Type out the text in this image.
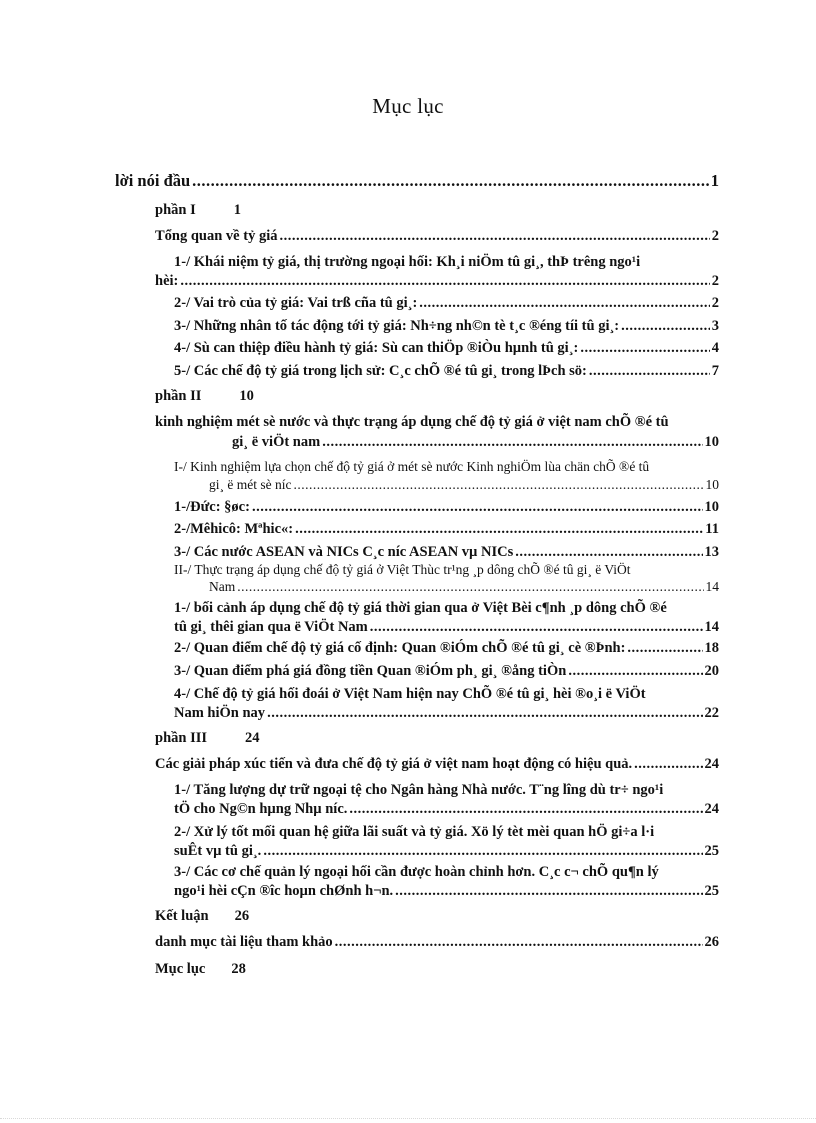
Mục lục
lời nói đầu .....	1
phần I	1
Tổng quan về tỷ giá .....	2
1-/ Khái niệm tỷ giá, thị trường ngoại hối: Kh¸i niÖm tû gi¸, thÞ trêng ngo¹i
hèi: .....	2
2-/ Vai trò của tỷ giá: Vai trß cña tû gi¸: .....	2
3-/ Những nhân tố tác động tới tỷ giá: Nh÷ng nh©n tè t¸c ®éng tíi tû gi¸: .....	3
4-/ Sù can thiệp điều hành tỷ giá: Sù can thiÖp ®iÒu hµnh tû gi¸: .....	4
5-/ Các chế độ tỷ giá trong lịch sử: C¸c chÕ ®é tû gi¸ trong lÞch sö: .....	7
phần II	10
kinh nghiệm mét sè nước và thực trạng áp dụng chế độ tỷ giá ở việt nam chÕ ®é tû
gi¸ ë viÖt nam .....	10
I-/ Kinh nghiệm lựa chọn chế độ tỷ giá ở mét sè nước Kinh nghiÖm lùa chän chÕ ®é tû
gi¸ ë mét sè níc .....	10
1-/Đức: §øc: .....	10
2-/Mêhicô: Mªhic«: .....	11
3-/ Các nước ASEAN và NICs C¸c níc ASEAN vµ NICs .....	13
II-/ Thực trạng áp dụng chế độ tỷ giá ở Việt Thùc tr¹ng ¸p dông chÕ ®é tû gi¸ ë ViÖt
Nam .....	14
1-/ bối cảnh áp dụng chế độ tỷ giá thời gian qua ở Việt Bèi c¶nh ¸p dông chÕ ®é
tû gi¸ thêi gian qua ë ViÖt Nam .....	14
2-/ Quan điểm chế độ tỷ giá cố định: Quan ®iÓm chÕ ®é tû gi¸ cè ®Þnh: .....	18
3-/ Quan điểm phá giá đồng tiền Quan ®iÓm ph¸ gi¸ ®ång tiÒn .....	20
4-/ Chế độ tỷ giá hối đoái ở Việt Nam hiện nay ChÕ ®é tû gi¸ hèi ®o¸i ë ViÖt
Nam hiÖn nay .....	22
phần III	24
Các giải pháp xúc tiến và đưa chế độ tỷ giá ở việt nam hoạt động có hiệu quả. .....	24
1-/ Tăng lượng dự trữ ngoại tệ cho Ngân hàng Nhà nước. T¨ng lîng dù tr÷ ngo¹i
tÖ cho Ng©n hµng Nhµ níc. .....	24
2-/ Xử lý tốt mối quan hệ giữa lãi suất và tỷ giá. Xö lý tèt mèi quan hÖ gi÷a l·i
suÊt vµ tû gi¸. .....	25
3-/ Các cơ chế quản lý ngoại hối cần được hoàn chỉnh hơn. C¸c c¬ chÕ qu¶n lý
ngo¹i hèi cÇn ®îc hoµn chØnh h¬n. .....	25
Kết luận 26
danh mục tài liệu tham khảo .....	26
Mục lục 28
